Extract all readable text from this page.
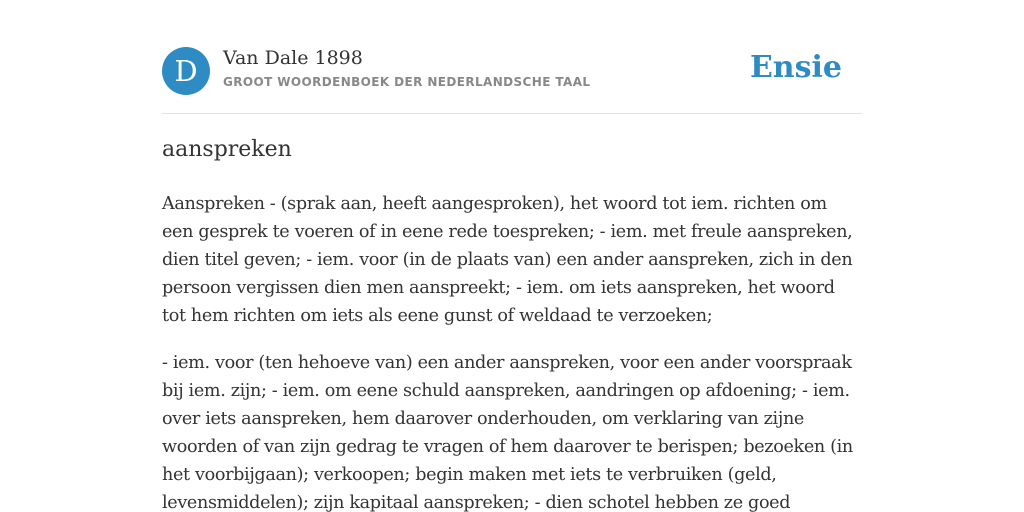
D	Van Dale 1898
GROOT WOORDENBOEK DER NEDERLANDSCHE TAAL	Ensie
aanspreken

Aanspreken - (sprak aan, heeft aangesproken), het woord tot iem. richten om een gesprek te voeren of in eene rede toespreken; - iem. met freule aanspreken, dien titel geven; - iem. voor (in de plaats van) een ander aanspreken, zich in den persoon vergissen dien men aanspreekt; - iem. om iets aanspreken, het woord tot hem richten om iets als eene gunst of weldaad te verzoeken;

- iem. voor (ten hehoeve van) een ander aanspreken, voor een ander voorspraak bij iem. zijn; - iem. om eene schuld aanspreken, aandringen op afdoening; - iem. over iets aanspreken, hem daarover onderhouden, om verklaring van zijne woorden of van zijn gedrag te vragen of hem daarover te berispen; bezoeken (in het voorbijgaan); verkoopen; begin maken met iets te verbruiken (geld, levensmiddelen); zijn kapitaal aanspreken; - dien schotel hebben ze goed
